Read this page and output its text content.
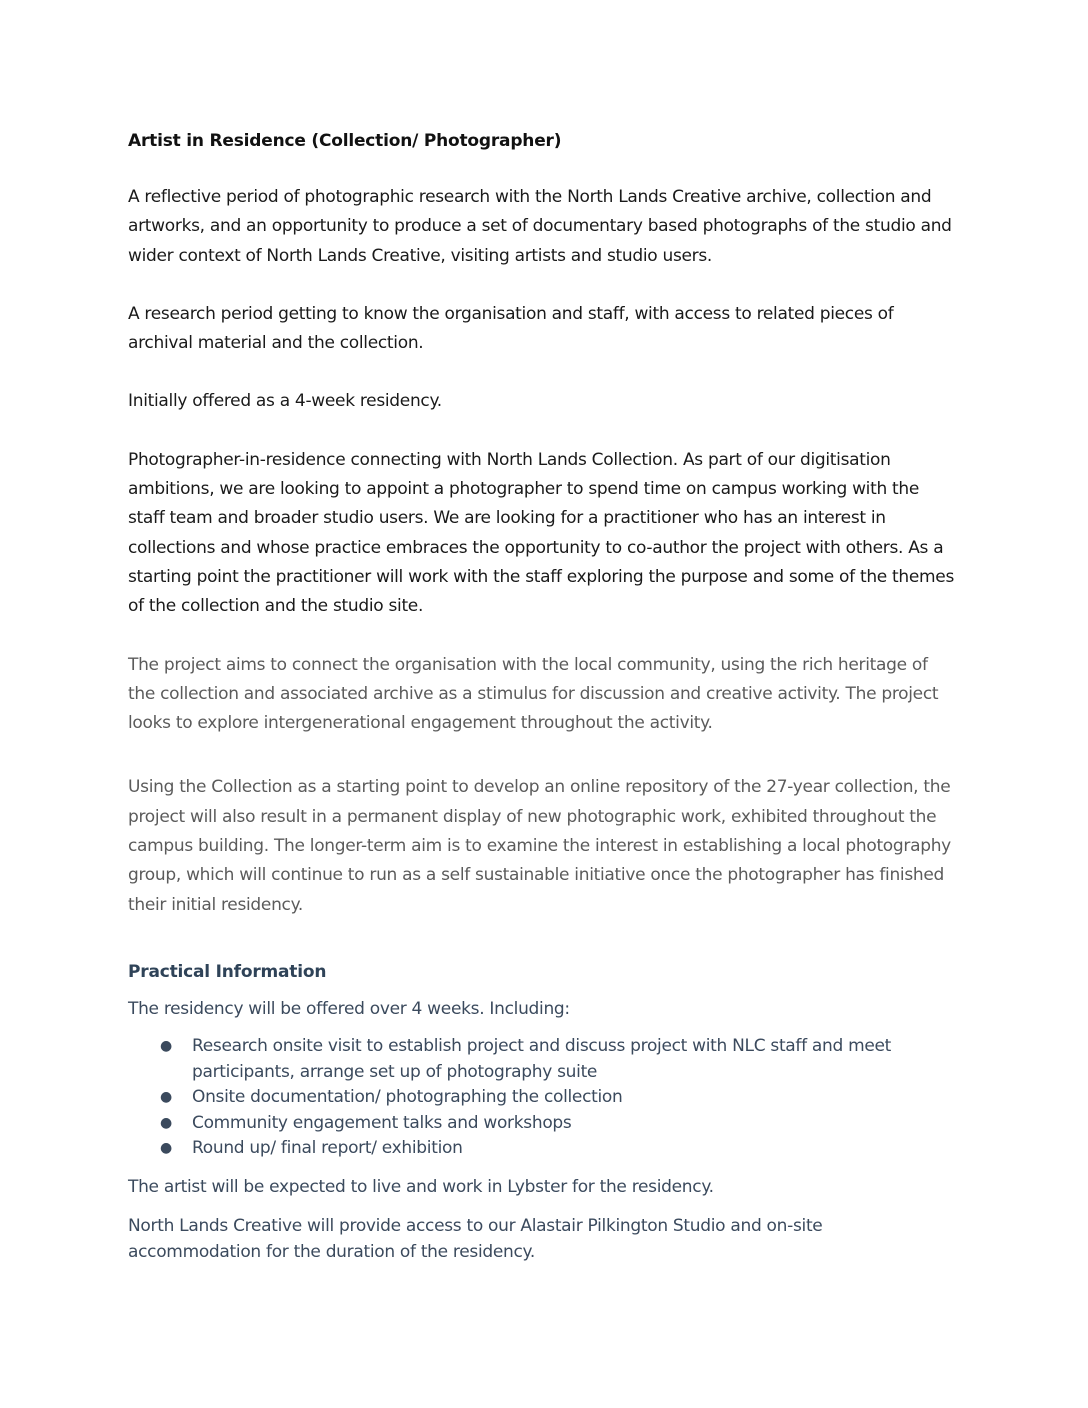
Artist in Residence (Collection/ Photographer)

A reflective period of photographic research with the North Lands Creative archive, collection and artworks, and an opportunity to produce a set of documentary based photographs of the studio and wider context of North Lands Creative, visiting artists and studio users.

A research period getting to know the organisation and staff, with access to related pieces of archival material and the collection.

Initially offered as a 4-week residency.

Photographer-in-residence connecting with North Lands Collection. As part of our digitisation ambitions, we are looking to appoint a photographer to spend time on campus working with the staff team and broader studio users. We are looking for a practitioner who has an interest in collections and whose practice embraces the opportunity to co-author the project with others. As a starting point the practitioner will work with the staff exploring the purpose and some of the themes of the collection and the studio site.

The project aims to connect the organisation with the local community, using the rich heritage of the collection and associated archive as a stimulus for discussion and creative activity. The project looks to explore intergenerational engagement throughout the activity.

Using the Collection as a starting point to develop an online repository of the 27-year collection, the project will also result in a permanent display of new photographic work, exhibited throughout the campus building. The longer-term aim is to examine the interest in establishing a local photography group, which will continue to run as a self sustainable initiative once the photographer has finished their initial residency.

Practical Information

The residency will be offered over 4 weeks. Including:

● Research onsite visit to establish project and discuss project with NLC staff and meet participants, arrange set up of photography suite
● Onsite documentation/ photographing the collection
● Community engagement talks and workshops
● Round up/ final report/ exhibition

The artist will be expected to live and work in Lybster for the residency.

North Lands Creative will provide access to our Alastair Pilkington Studio and on-site accommodation for the duration of the residency.
